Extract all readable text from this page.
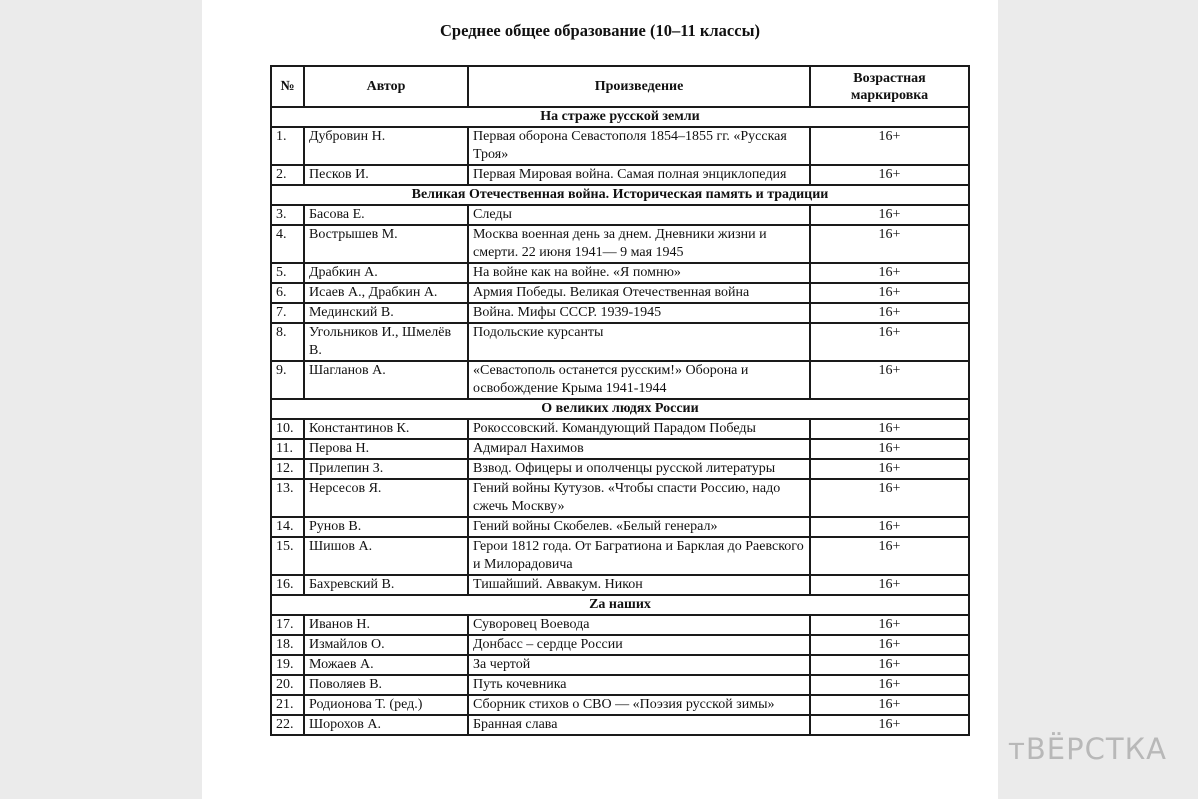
Среднее общее образование (10–11 классы)
№	Автор	Произведение	Возрастная маркировка
На страже русской земли			
1.	Дубровин Н.	Первая оборона Севастополя 1854–1855 гг. «Русская Троя»	16+
2.	Песков И.	Первая Мировая война. Самая полная энциклопедия	16+
Великая Отечественная война. Историческая память и традиции			
3.	Басова Е.	Следы	16+
4.	Вострышев М.	Москва военная день за днем. Дневники жизни и смерти. 22 июня 1941— 9 мая 1945	16+
5.	Драбкин А.	На войне как на войне. «Я помню»	16+
6.	Исаев А., Драбкин А.	Армия Победы. Великая Отечественная война	16+
7.	Мединский В.	Война. Мифы СССР. 1939-1945	16+
8.	Угольников И., Шмелёв В.	Подольские курсанты	16+
9.	Шагланов А.	«Севастополь останется русским!» Оборона и освобождение Крыма 1941-1944	16+
О великих людях России			
10.	Константинов К.	Рокоссовский. Командующий Парадом Победы	16+
11.	Перова Н.	Адмирал Нахимов	16+
12.	Прилепин З.	Взвод. Офицеры и ополченцы русской литературы	16+
13.	Нерсесов Я.	Гений войны Кутузов. «Чтобы спасти Россию, надо сжечь Москву»	16+
14.	Рунов В.	Гений войны Скобелев. «Белый генерал»	16+
15.	Шишов А.	Герои 1812 года. От Багратиона и Барклая до Раевского и Милорадовича	16+
16.	Бахревский В.	Тишайший. Аввакум. Никон	16+
Zа наших			
17.	Иванов Н.	Суворовец Воевода	16+
18.	Измайлов О.	Донбасс – сердце России	16+
19.	Можаев А.	За чертой	16+
20.	Поволяев В.	Путь кочевника	16+
21.	Родионова Т. (ред.)	Сборник стихов о СВО — «Поэзия русской зимы»	16+
22.	Шорохов А.	Бранная слава	16+
тВЁРСТКА
